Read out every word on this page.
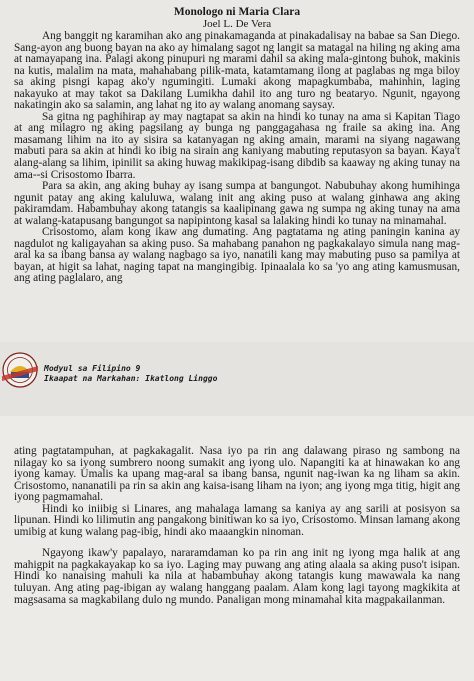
Monologo ni Maria Clara

Joel L. De Vera

Ang banggit ng karamihan ako ang pinakamaganda at pinakadalisay na babae sa San Diego. Sang-ayon ang buong bayan na ako ay himalang sagot ng langit sa matagal na hiling ng aking ama at namayapang ina. Palagi akong pinupuri ng marami dahil sa aking mala-gintong buhok, makinis na kutis, malalim na mata, mahahabang pilik-mata, katamtamang ilong at paglabas ng mga biloy sa aking pisngi kapag ako'y ngumingiti. Lumaki akong mapagkumbaba, mahinhin, laging nakayuko at may takot sa Dakilang Lumikha dahil ito ang turo ng beataryo. Ngunit, ngayong nakatingin ako sa salamin, ang lahat ng ito ay walang anomang saysay.

Sa gitna ng paghihirap ay may nagtapat sa akin na hindi ko tunay na ama si Kapitan Tiago at ang milagro ng aking pagsilang ay bunga ng panggagahasa ng fraile sa aking ina. Ang masamang lihim na ito ay sisira sa katanyagan ng aking amain, marami na siyang nagawang mabuti para sa akin at hindi ko ibig na sirain ang kaniyang mabuting reputasyon sa bayan. Kaya't alang-alang sa lihim, ipinilit sa aking huwag makikipag-isang dibdib sa kaaway ng aking tunay na ama--si Crisostomo Ibarra.

Para sa akin, ang aking buhay ay isang sumpa at bangungot. Nabubuhay akong humihinga ngunit patay ang aking kaluluwa, walang init ang aking puso at walang ginhawa ang aking pakiramdam. Habambuhay akong tatangis sa kaalipinang gawa ng sumpa ng aking tunay na ama at walang-katapusang bangungot sa napipintong kasal sa lalaking hindi ko tunay na minamahal.

Crisostomo, alam kong ikaw ang dumating. Ang pagtatama ng ating paningin kanina ay nagdulot ng kaligayahan sa aking puso. Sa mahabang panahon ng pagkakalayo simula nang mag-aral ka sa ibang bansa ay walang nagbago sa iyo, nanatili kang may mabuting puso sa pamilya at bayan, at higit sa lahat, naging tapat na mangingibig. Ipinaalala ko sa 'yo ang ating kamusmusan, ang ating paglalaro, ang

Modyul sa Filipino 9
Ikaapat na Markahan: Ikatlong Linggo

ating pagtatampuhan, at pagkakagalit. Nasa iyo pa rin ang dalawang piraso ng sambong na nilagay ko sa iyong sumbrero noong sumakit ang iyong ulo. Napangiti ka at hinawakan ko ang iyong kamay. Umalis ka upang mag-aral sa ibang bansa, ngunit nag-iwan ka ng liham sa akin. Crisostomo, nananatili pa rin sa akin ang kaisa-isang liham na iyon; ang iyong mga titig, higit ang iyong pagmamahal.

Hindi ko iniibig si Linares, ang mahalaga lamang sa kaniya ay ang sarili at posisyon sa lipunan. Hindi ko lilimutin ang pangakong binitiwan ko sa iyo, Crisostomo. Minsan lamang akong umibig at kung walang pag-ibig, hindi ako maaangkin ninoman.

Ngayong ikaw'y papalayo, nararamdaman ko pa rin ang init ng iyong mga halik at ang mahigpit na pagkakayakap ko sa iyo. Laging may puwang ang ating alaala sa aking puso't isipan. Hindi ko nanaising mahuli ka nila at habambuhay akong tatangis kung mawawala ka nang tuluyan. Ang ating pag-ibigan ay walang hanggang paalam. Alam kong lagi tayong magkikita at magsasama sa magkabilang dulo ng mundo. Panaligan mong minamahal kita magpakailanman.
